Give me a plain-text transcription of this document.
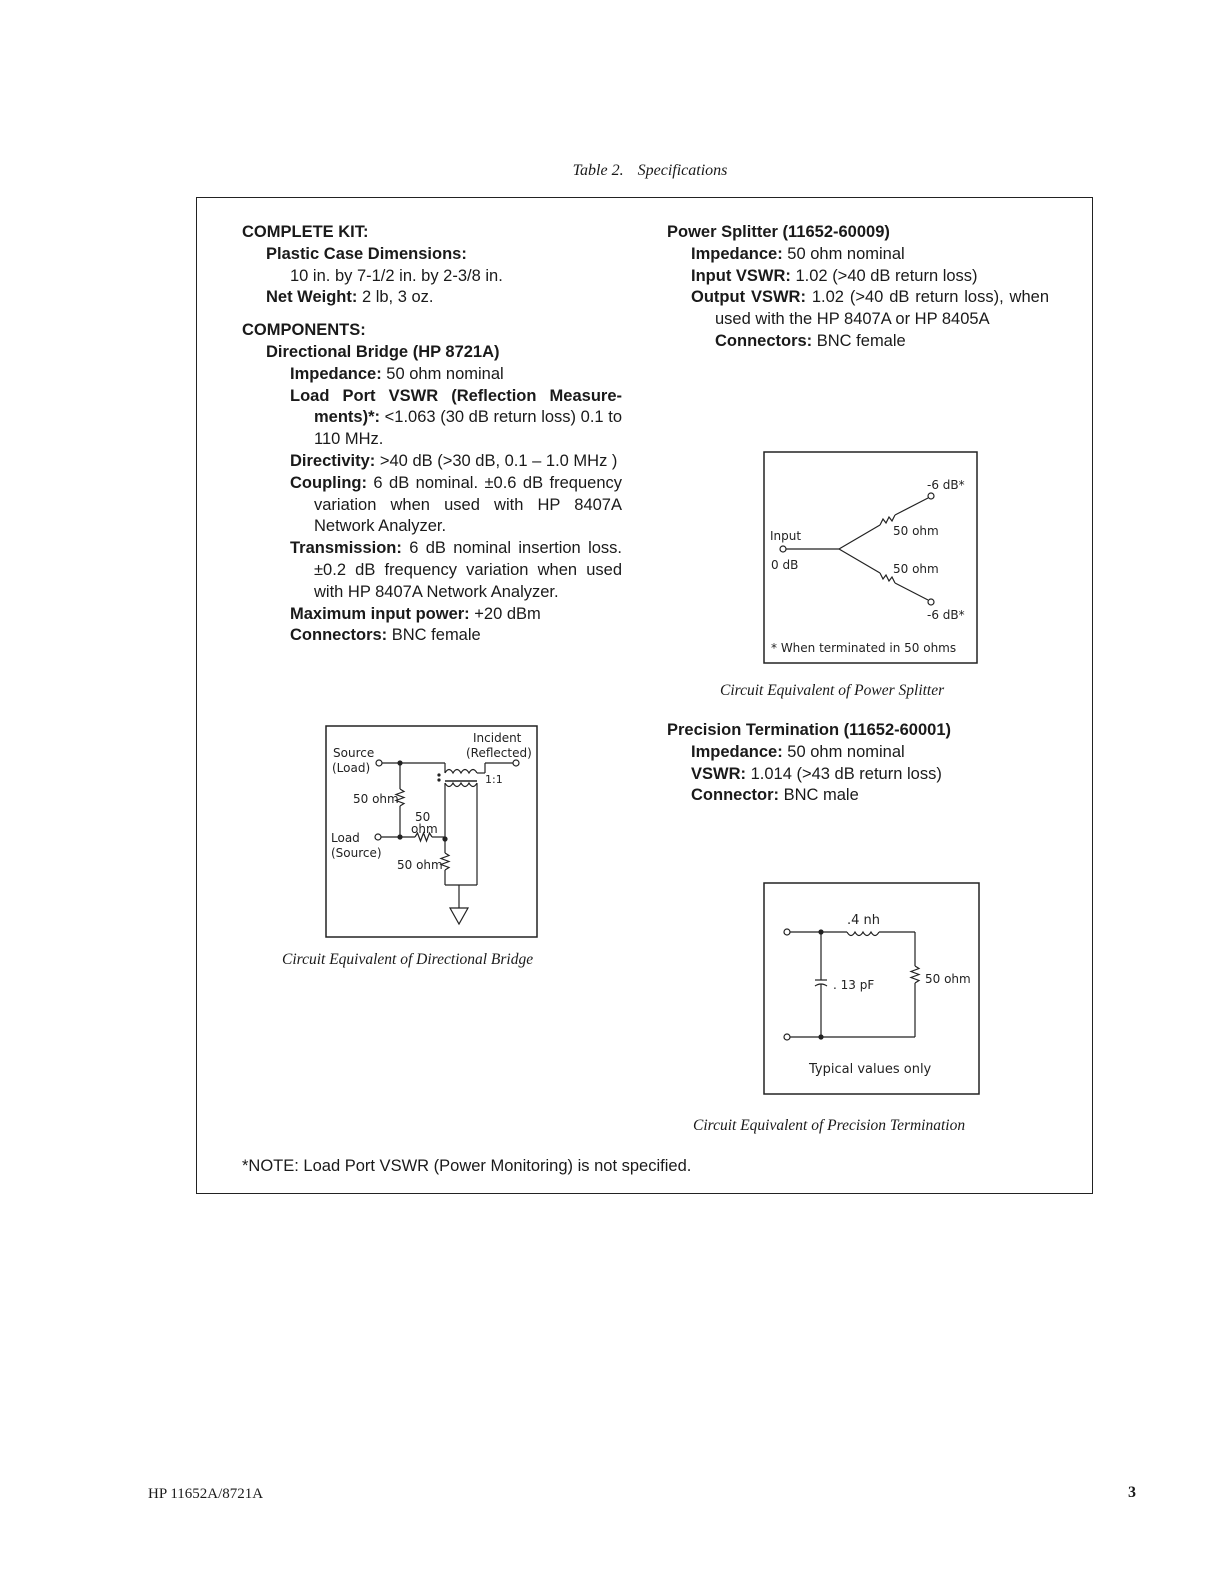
Table 2. Specifications

COMPLETE KIT:

Plastic Case Dimensions:

10 in. by 7-1/2 in. by 2-3/8 in.

Net Weight: 2 lb, 3 oz.

COMPONENTS:

Directional Bridge (HP 8721A)

Impedance: 50 ohm nominal

Load Port VSWR (Reflection Measure-ments)*: <1.063 (30 dB return loss) 0.1 to 110 MHz.

Directivity: >40 dB (>30 dB, 0.1 – 1.0 MHz )

Coupling: 6 dB nominal. ±0.6 dB frequency variation when used with HP 8407A Network Analyzer.

Transmission: 6 dB nominal insertion loss. ±0.2 dB frequency variation when used with HP 8407A Network Analyzer.

Maximum input power: +20 dBm

Connectors: BNC female

Power Splitter (11652-60009)

Impedance: 50 ohm nominal

Input VSWR: 1.02 (>40 dB return loss)

Output VSWR: 1.02 (>40 dB return loss), when used with the HP 8407A or HP 8405A

Connectors: BNC female

Precision Termination (11652-60001)

Impedance: 50 ohm nominal

VSWR: 1.014 (>43 dB return loss)

Connector: BNC male

Source
(Load)
Incident
(Reflected)
1:1
50 ohm
50
ohm
Load
(Source)
50 ohm
Circuit Equivalent of Directional Bridge
-6 dB*
50 ohm
Input
0 dB	50 ohm
-6 dB*
* When terminated in 50 ohms
Circuit Equivalent of Power Splitter
.4 nh
. 13 pF	50 ohm
Typical values only
Circuit Equivalent of Precision Termination

*NOTE: Load Port VSWR (Power Monitoring) is not specified.

HP 11652A/8721A	3
